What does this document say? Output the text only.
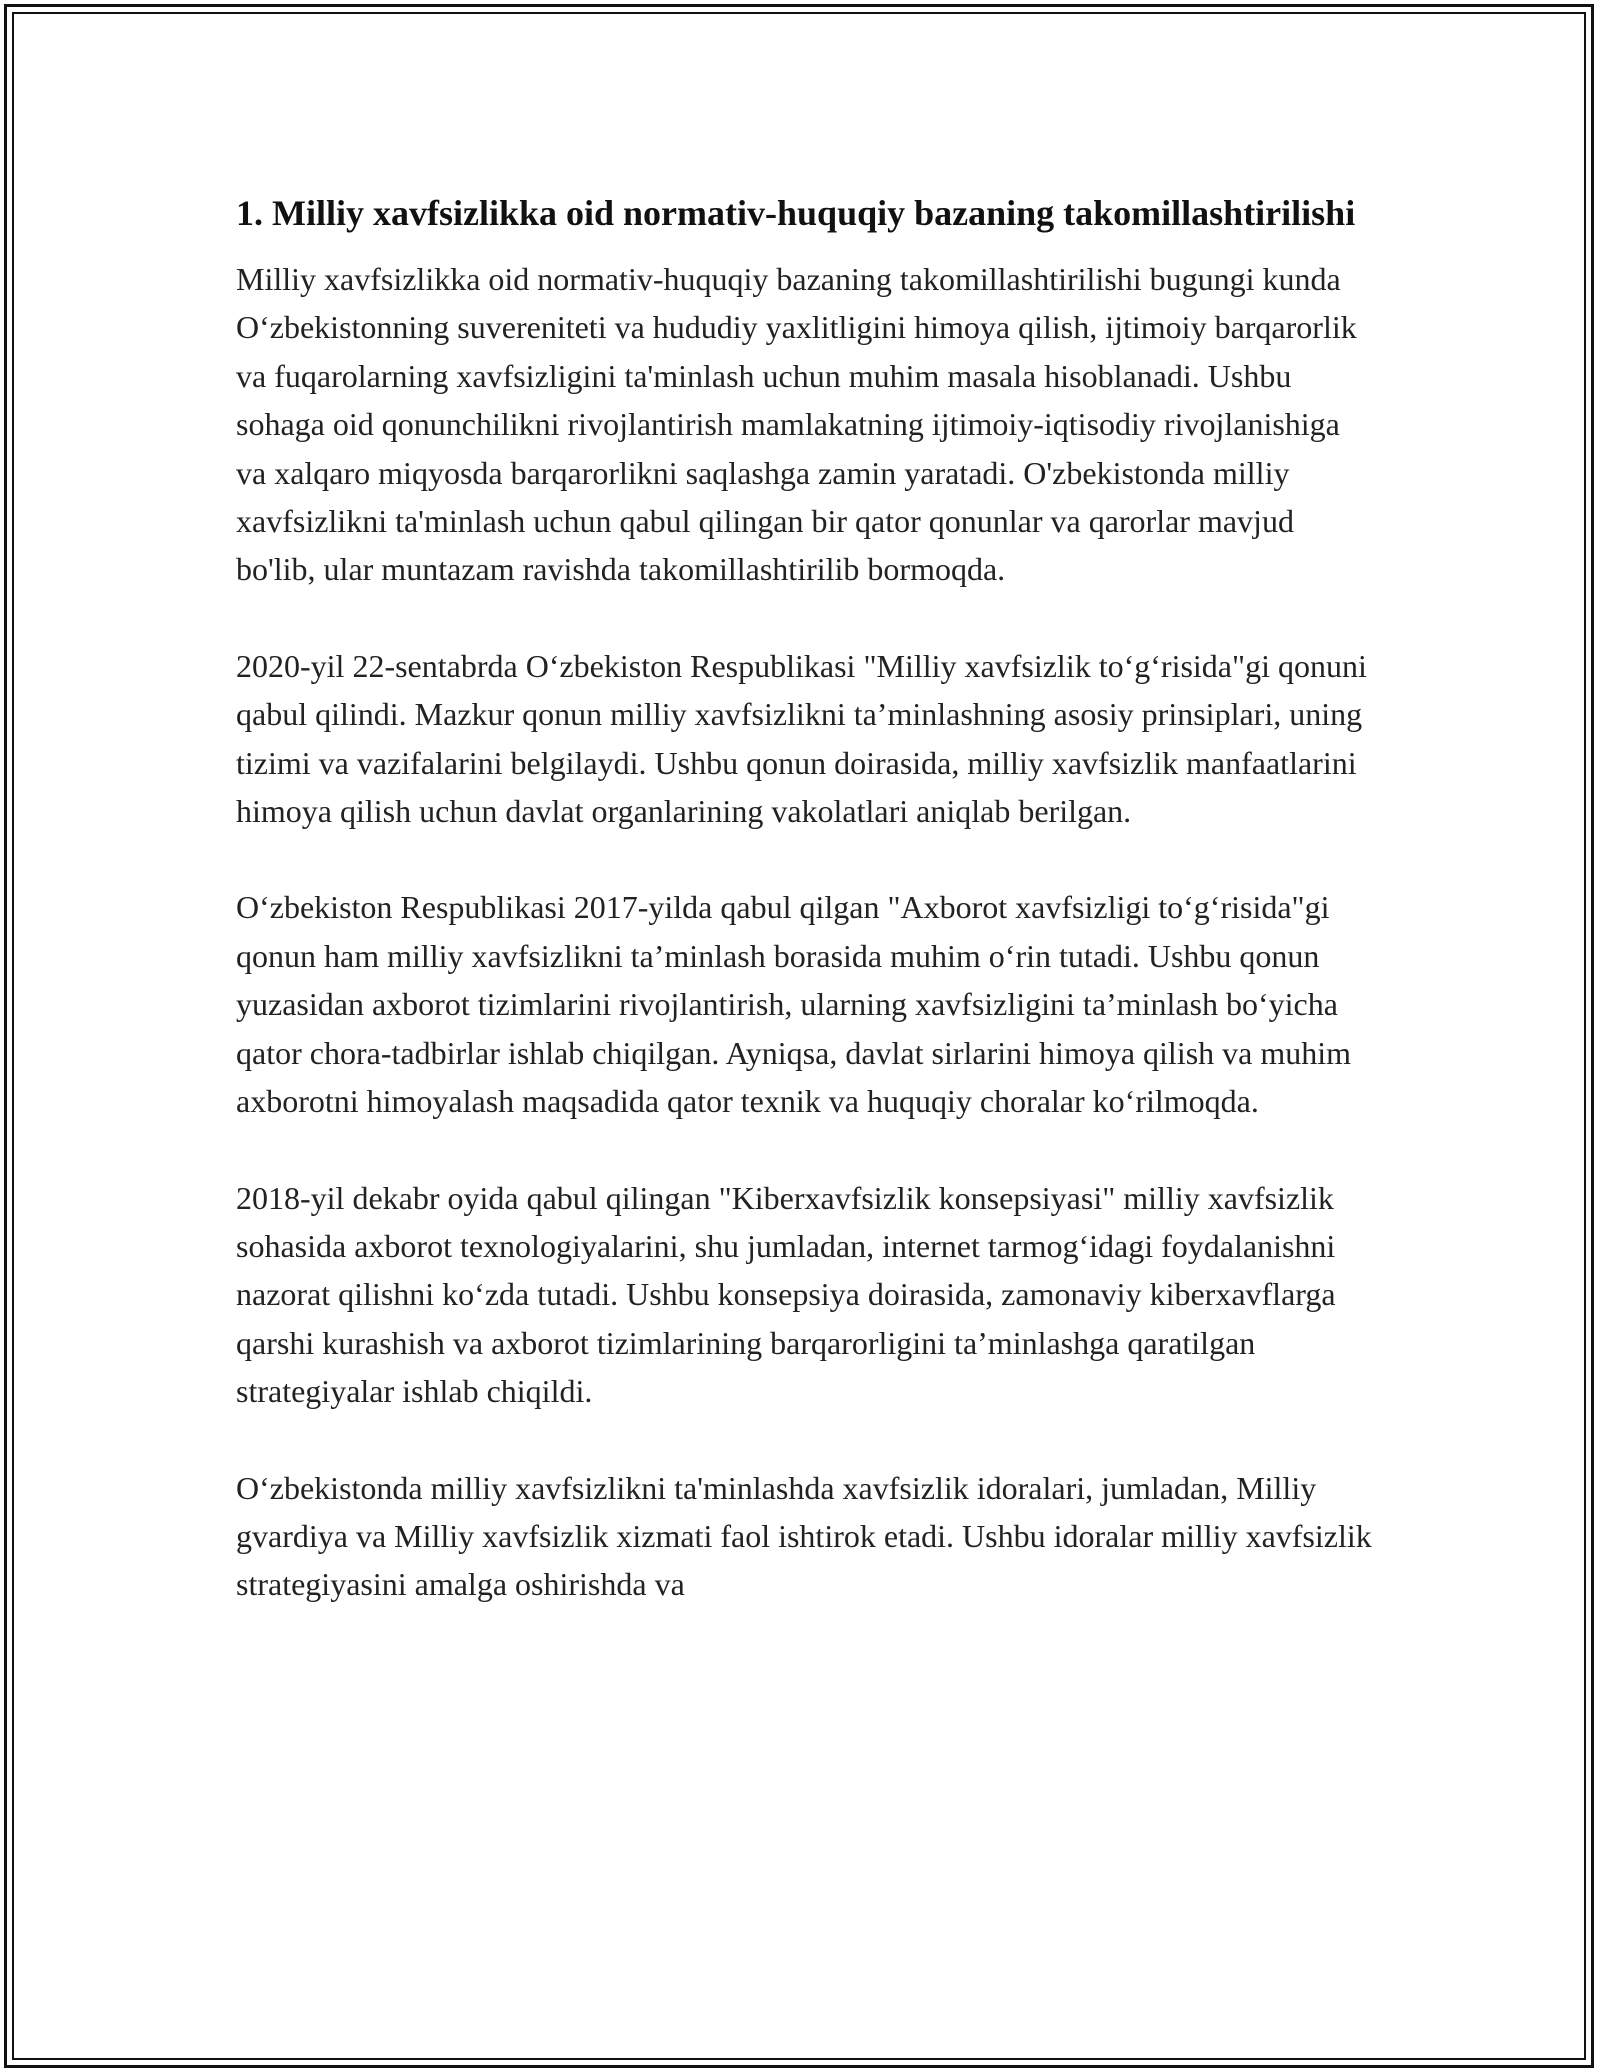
1. Milliy xavfsizlikka oid normativ-huquqiy bazaning takomillashtirilishi

Milliy xavfsizlikka oid normativ-huquqiy bazaning takomillashtirilishi bugungi kunda O‘zbekistonning suvereniteti va hududiy yaxlitligini himoya qilish, ijtimoiy barqarorlik va fuqarolarning xavfsizligini ta'minlash uchun muhim masala hisoblanadi. Ushbu sohaga oid qonunchilikni rivojlantirish mamlakatning ijtimoiy-iqtisodiy rivojlanishiga va xalqaro miqyosda barqarorlikni saqlashga zamin yaratadi. O'zbekistonda milliy xavfsizlikni ta'minlash uchun qabul qilingan bir qator qonunlar va qarorlar mavjud bo'lib, ular muntazam ravishda takomillashtirilib bormoqda.

2020-yil 22-sentabrda O‘zbekiston Respublikasi "Milliy xavfsizlik to‘g‘risida"gi qonuni qabul qilindi. Mazkur qonun milliy xavfsizlikni ta’minlashning asosiy prinsiplari, uning tizimi va vazifalarini belgilaydi. Ushbu qonun doirasida, milliy xavfsizlik manfaatlarini himoya qilish uchun davlat organlarining vakolatlari aniqlab berilgan.

O‘zbekiston Respublikasi 2017-yilda qabul qilgan "Axborot xavfsizligi to‘g‘risida"gi qonun ham milliy xavfsizlikni ta’minlash borasida muhim o‘rin tutadi. Ushbu qonun yuzasidan axborot tizimlarini rivojlantirish, ularning xavfsizligini ta’minlash bo‘yicha qator chora-tadbirlar ishlab chiqilgan. Ayniqsa, davlat sirlarini himoya qilish va muhim axborotni himoyalash maqsadida qator texnik va huquqiy choralar ko‘rilmoqda.

2018-yil dekabr oyida qabul qilingan "Kiberxavfsizlik konsepsiyasi" milliy xavfsizlik sohasida axborot texnologiyalarini, shu jumladan, internet tarmog‘idagi foydalanishni nazorat qilishni ko‘zda tutadi. Ushbu konsepsiya doirasida, zamonaviy kiberxavflarga qarshi kurashish va axborot tizimlarining barqarorligini ta’minlashga qaratilgan strategiyalar ishlab chiqildi.

O‘zbekistonda milliy xavfsizlikni ta'minlashda xavfsizlik idoralari, jumladan, Milliy gvardiya va Milliy xavfsizlik xizmati faol ishtirok etadi. Ushbu idoralar milliy xavfsizlik strategiyasini amalga oshirishda va
